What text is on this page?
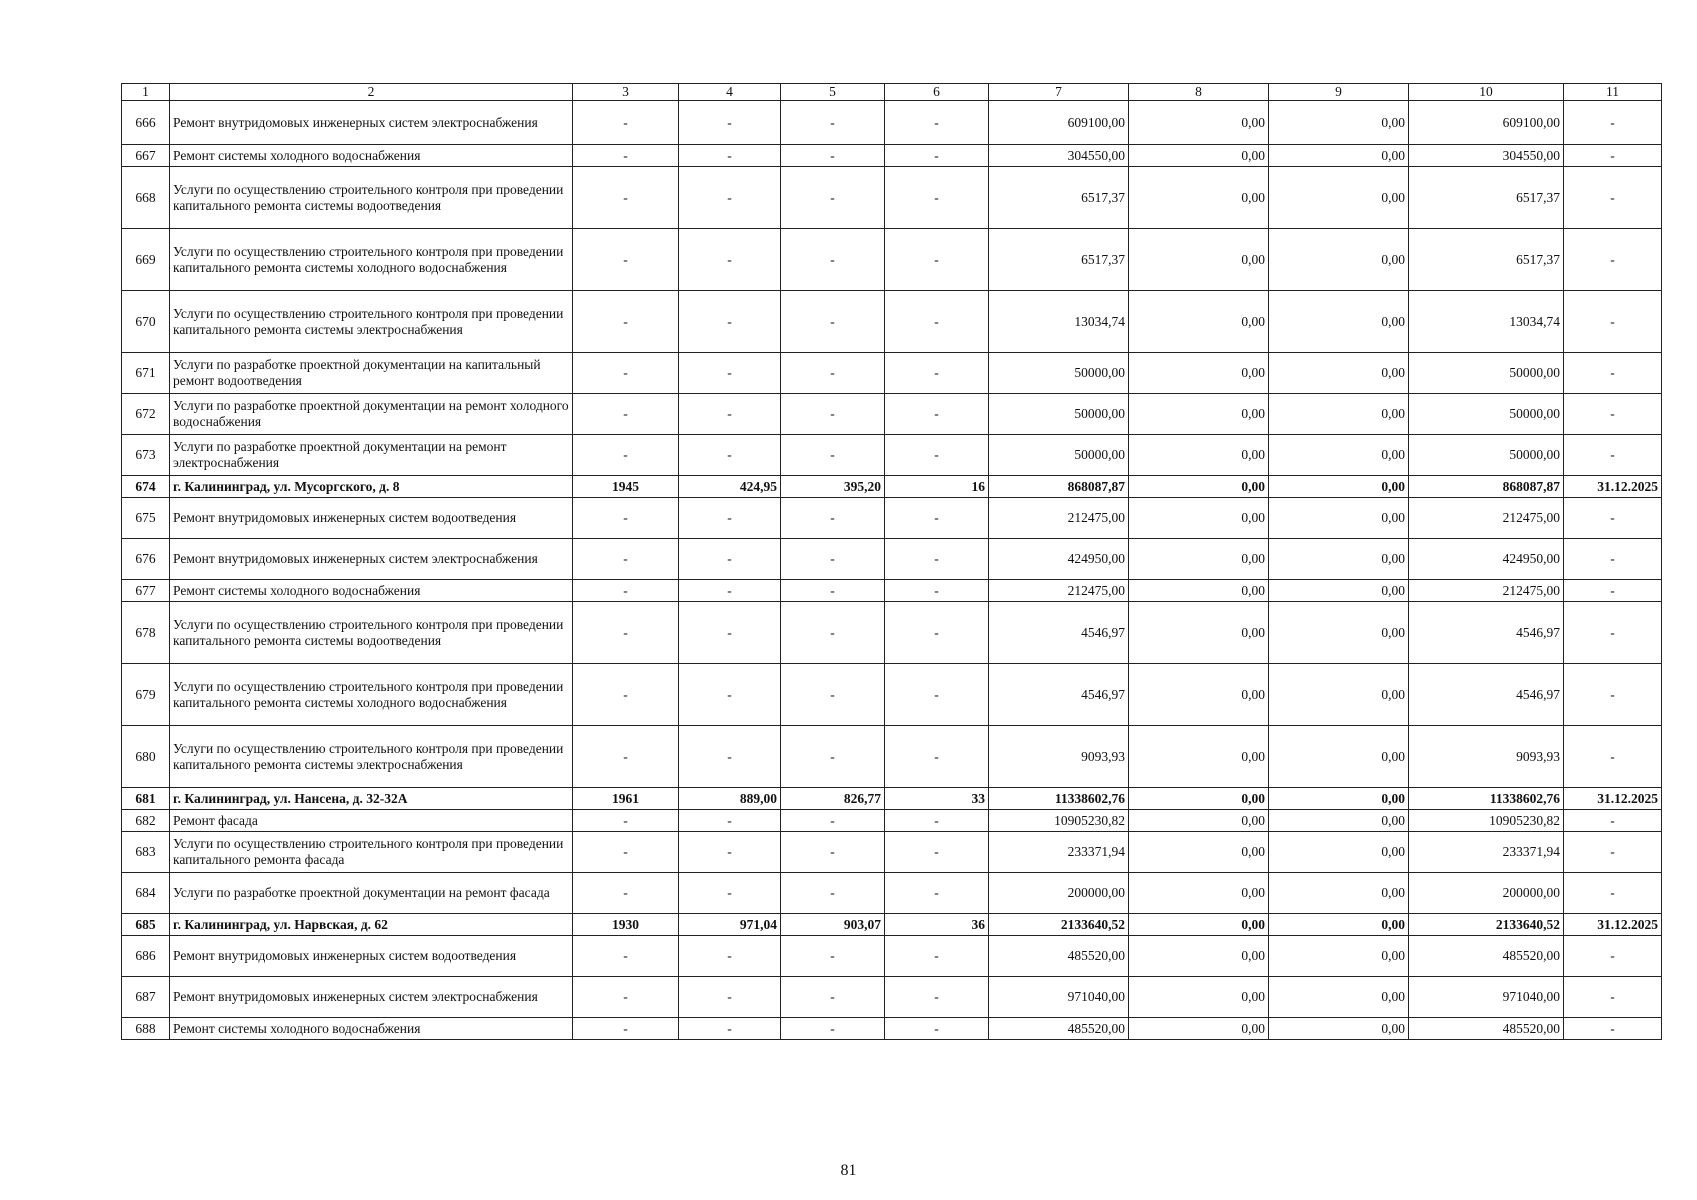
1	2	3	4	5	6	7	8	9	10	11
666	Ремонт внутридомовых инженерных систем электроснабжения	-	-	-	-	609100,00	0,00	0,00	609100,00	-
667	Ремонт системы холодного водоснабжения	-	-	-	-	304550,00	0,00	0,00	304550,00	-
668	Услуги по осуществлению строительного контроля при проведении капитального ремонта системы водоотведения	-	-	-	-	6517,37	0,00	0,00	6517,37	-
669	Услуги по осуществлению строительного контроля при проведении капитального ремонта системы холодного водоснабжения	-	-	-	-	6517,37	0,00	0,00	6517,37	-
670	Услуги по осуществлению строительного контроля при проведении капитального ремонта системы электроснабжения	-	-	-	-	13034,74	0,00	0,00	13034,74	-
671	Услуги по разработке проектной документации на капитальный ремонт водоотведения	-	-	-	-	50000,00	0,00	0,00	50000,00	-
672	Услуги по разработке проектной документации на ремонт холодного водоснабжения	-	-	-	-	50000,00	0,00	0,00	50000,00	-
673	Услуги по разработке проектной документации на ремонт электроснабжения	-	-	-	-	50000,00	0,00	0,00	50000,00	-
674	г. Калининград, ул. Мусоргского, д. 8	1945	424,95	395,20	16	868087,87	0,00	0,00	868087,87	31.12.2025
675	Ремонт внутридомовых инженерных систем водоотведения	-	-	-	-	212475,00	0,00	0,00	212475,00	-
676	Ремонт внутридомовых инженерных систем электроснабжения	-	-	-	-	424950,00	0,00	0,00	424950,00	-
677	Ремонт системы холодного водоснабжения	-	-	-	-	212475,00	0,00	0,00	212475,00	-
678	Услуги по осуществлению строительного контроля при проведении капитального ремонта системы водоотведения	-	-	-	-	4546,97	0,00	0,00	4546,97	-
679	Услуги по осуществлению строительного контроля при проведении капитального ремонта системы холодного водоснабжения	-	-	-	-	4546,97	0,00	0,00	4546,97	-
680	Услуги по осуществлению строительного контроля при проведении капитального ремонта системы электроснабжения	-	-	-	-	9093,93	0,00	0,00	9093,93	-
681	г. Калининград, ул. Нансена, д. 32-32А	1961	889,00	826,77	33	11338602,76	0,00	0,00	11338602,76	31.12.2025
682	Ремонт фасада	-	-	-	-	10905230,82	0,00	0,00	10905230,82	-
683	Услуги по осуществлению строительного контроля при проведении капитального ремонта фасада	-	-	-	-	233371,94	0,00	0,00	233371,94	-
684	Услуги по разработке проектной документации на ремонт фасада	-	-	-	-	200000,00	0,00	0,00	200000,00	-
685	г. Калининград, ул. Нарвская, д. 62	1930	971,04	903,07	36	2133640,52	0,00	0,00	2133640,52	31.12.2025
686	Ремонт внутридомовых инженерных систем водоотведения	-	-	-	-	485520,00	0,00	0,00	485520,00	-
687	Ремонт внутридомовых инженерных систем электроснабжения	-	-	-	-	971040,00	0,00	0,00	971040,00	-
688	Ремонт системы холодного водоснабжения	-	-	-	-	485520,00	0,00	0,00	485520,00	-
81
